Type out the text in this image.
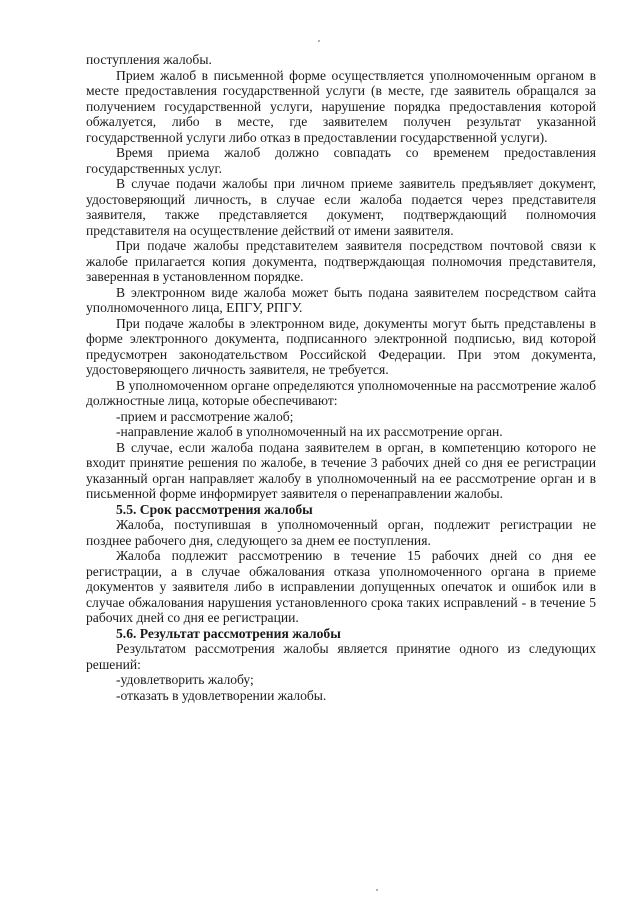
поступления жалобы.

Прием жалоб в письменной форме осуществляется уполномоченным органом в месте предоставления государственной услуги (в месте, где заявитель обращался за получением государственной услуги, нарушение порядка предоставления которой обжалуется, либо в месте, где заявителем получен результат указанной государственной услуги либо отказ в предоставлении государственной услуги).

Время приема жалоб должно совпадать со временем предоставления государственных услуг.

В случае подачи жалобы при личном приеме заявитель предъявляет документ, удостоверяющий личность, в случае если жалоба подается через представителя заявителя, также представляется документ, подтверждающий полномочия представителя на осуществление действий от имени заявителя.

При подаче жалобы представителем заявителя посредством почтовой связи к жалобе прилагается копия документа, подтверждающая полномочия представителя, заверенная в установленном порядке.

В электронном виде жалоба может быть подана заявителем посредством сайта уполномоченного лица, ЕПГУ, РПГУ.

При подаче жалобы в электронном виде, документы могут быть представлены в форме электронного документа, подписанного электронной подписью, вид которой предусмотрен законодательством Российской Федерации. При этом документа, удостоверяющего личность заявителя, не требуется.

В уполномоченном органе определяются уполномоченные на рассмотрение жалоб должностные лица, которые обеспечивают:

-прием и рассмотрение жалоб;

-направление жалоб в уполномоченный на их рассмотрение орган.

В случае, если жалоба подана заявителем в орган, в компетенцию которого не входит принятие решения по жалобе, в течение 3 рабочих дней со дня ее регистрации указанный орган направляет жалобу в уполномоченный на ее рассмотрение орган и в письменной форме информирует заявителя о перенаправлении жалобы.

5.5. Срок рассмотрения жалобы

Жалоба, поступившая в уполномоченный орган, подлежит регистрации не позднее рабочего дня, следующего за днем ее поступления.

Жалоба подлежит рассмотрению в течение 15 рабочих дней со дня ее регистрации, а в случае обжалования отказа уполномоченного органа в приеме документов у заявителя либо в исправлении допущенных опечаток и ошибок или в случае обжалования нарушения установленного срока таких исправлений - в течение 5 рабочих дней со дня ее регистрации.

5.6. Результат рассмотрения жалобы

Результатом рассмотрения жалобы является принятие одного из следующих решений:

-удовлетворить жалобу;

-отказать в удовлетворении жалобы.
